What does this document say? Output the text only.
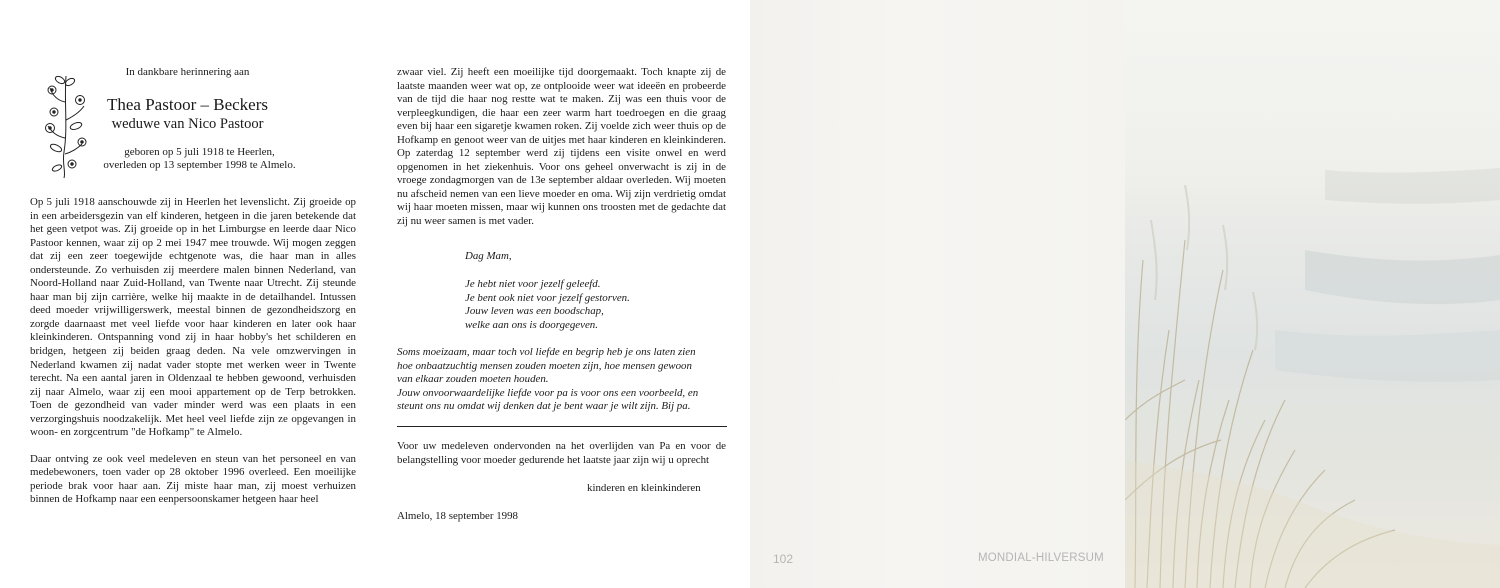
In dankbare herinnering aan
Thea Pastoor – Beckers
weduwe van Nico Pastoor
geboren op 5 juli 1918 te Heerlen,
overleden op 13 september 1998 te Almelo.

Op 5 juli 1918 aanschouwde zij in Heerlen het levenslicht. Zij groeide op in een arbeidersgezin van elf kinderen, hetgeen in die jaren betekende dat het geen vetpot was. Zij groeide op in het Limburgse en leerde daar Nico Pastoor kennen, waar zij op 2 mei 1947 mee trouwde. Wij mogen zeggen dat zij een zeer toegewijde echtgenote was, die haar man in alles ondersteunde. Zo verhuisden zij meerdere malen binnen Nederland, van Noord-Holland naar Zuid-Holland, van Twente naar Utrecht. Zij steunde haar man bij zijn carrière, welke hij maakte in de detailhandel. Intussen deed moeder vrijwilligerswerk, meestal binnen de gezondheidszorg en zorgde daarnaast met veel liefde voor haar kinderen en later ook haar kleinkinderen. Ontspanning vond zij in haar hobby's het schilderen en bridgen, hetgeen zij beiden graag deden. Na vele omzwervingen in Nederland kwamen zij nadat vader stopte met werken weer in Twente terecht. Na een aantal jaren in Oldenzaal te hebben gewoond, verhuisden zij naar Almelo, waar zij een mooi appartement op de Terp betrokken. Toen de gezondheid van vader minder werd was een plaats in een verzorgingshuis noodzakelijk. Met heel veel liefde zijn ze opgevangen in woon- en zorgcentrum "de Hofkamp" te Almelo.

Daar ontving ze ook veel medeleven en steun van het personeel en van medebewoners, toen vader op 28 oktober 1996 overleed. Een moeilijke periode brak voor haar aan. Zij miste haar man, zij moest verhuizen binnen de Hofkamp naar een eenpersoonskamer hetgeen haar heel

zwaar viel. Zij heeft een moeilijke tijd doorgemaakt. Toch knapte zij de laatste maanden weer wat op, ze ontplooide weer wat ideeën en probeerde van de tijd die haar nog restte wat te maken. Zij was een thuis voor de verpleegkundigen, die haar een zeer warm hart toedroegen en die graag even bij haar een sigaretje kwamen roken. Zij voelde zich weer thuis op de Hofkamp en genoot weer van de uitjes met haar kinderen en kleinkinderen. Op zaterdag 12 september werd zij tijdens een visite onwel en werd opgenomen in het ziekenhuis. Voor ons geheel onverwacht is zij in de vroege zondagmorgen van de 13e september aldaar overleden. Wij moeten nu afscheid nemen van een lieve moeder en oma. Wij zijn verdrietig omdat wij haar moeten missen, maar wij kunnen ons troosten met de gedachte dat zij nu weer samen is met vader.

Dag Mam,
Je hebt niet voor jezelf geleefd.
Je bent ook niet voor jezelf gestorven.
Jouw leven was een boodschap,
welke aan ons is doorgegeven.
Soms moeizaam, maar toch vol liefde en begrip heb je ons laten zien
hoe onbaatzuchtig mensen zouden moeten zijn, hoe mensen gewoon
van elkaar zouden moeten houden.
Jouw onvoorwaardelijke liefde voor pa is voor ons een voorbeeld, en
steunt ons nu omdat wij denken dat je bent waar je wilt zijn. Bij pa.
Voor uw medeleven ondervonden na het overlijden van Pa en voor de belangstelling voor moeder gedurende het laatste jaar zijn wij u oprecht
kinderen en kleinkinderen
Almelo, 18 september 1998
102	MONDIAL-HILVERSUM
